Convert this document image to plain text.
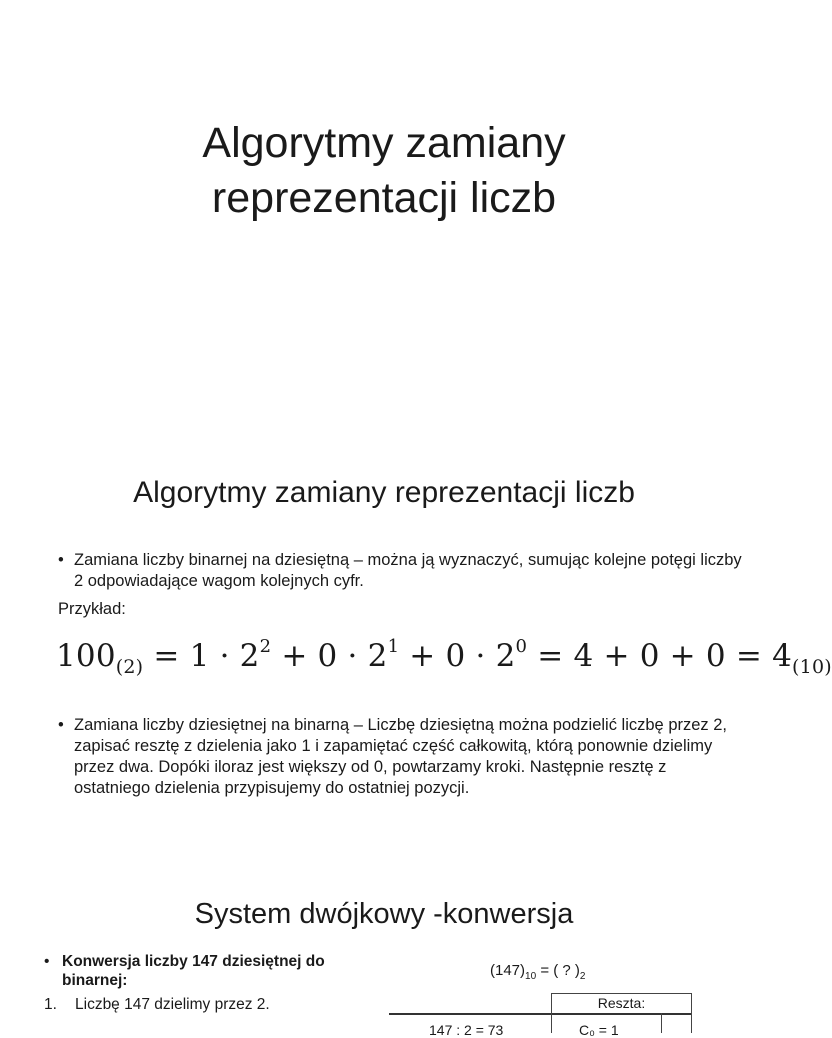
Algorytmy zamiany
reprezentacji liczb
Algorytmy zamiany reprezentacji liczb
• Zamiana liczby binarnej na dziesiętną – można ją wyznaczyć, sumując kolejne potęgi liczby 2 odpowiadające wagom kolejnych cyfr.
Przykład:
$100_{(2)} = 1 \cdot 2^2 + 0 \cdot 2^1 + 0 \cdot 2^0 = 4 + 0 + 0 = 4_{(10)}$
• Zamiana liczby dziesiętnej na binarną – Liczbę dziesiętną można podzielić liczbę przez 2, zapisać resztę z dzielenia jako 1 i zapamiętać część całkowitą, którą ponownie dzielimy przez dwa. Dopóki iloraz jest większy od 0, powtarzamy kroki. Następnie resztę z ostatniego dzielenia przypisujemy do ostatniej pozycji.
System dwójkowy -konwersja
• Konwersja liczby 147 dziesiętnej do binarnej:
1. Liczbę 147 dzielimy przez 2.
$(147)_{10}$ = ( ? )$_2$
Reszta:
147 : 2 = 73	C₀ = 1
